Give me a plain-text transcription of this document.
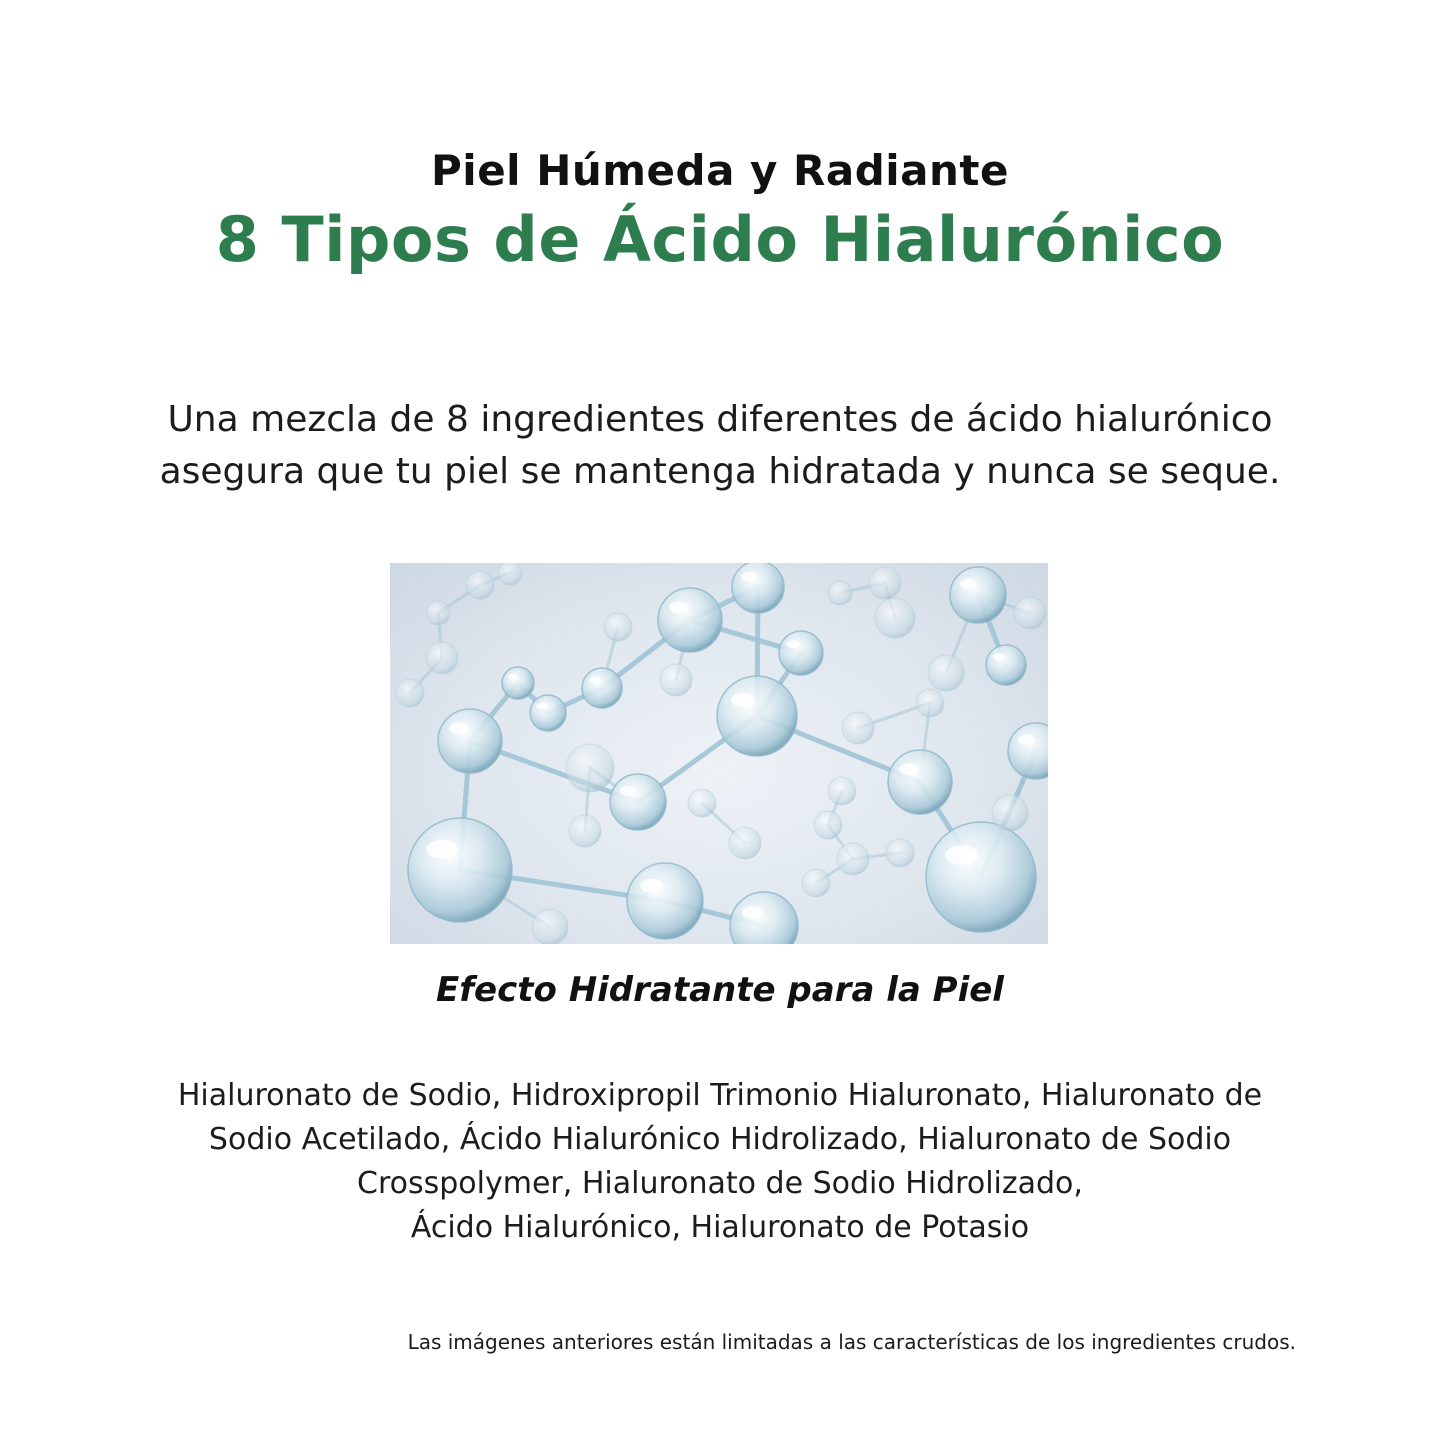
Piel Húmeda y Radiante
8 Tipos de Ácido Hialurónico
Una mezcla de 8 ingredientes diferentes de ácido hialurónico
asegura que tu piel se mantenga hidratada y nunca se seque.
Efecto Hidratante para la Piel
Hialuronato de Sodio, Hidroxipropil Trimonio Hialuronato, Hialuronato de
Sodio Acetilado, Ácido Hialurónico Hidrolizado, Hialuronato de Sodio
Crosspolymer, Hialuronato de Sodio Hidrolizado,
Ácido Hialurónico, Hialuronato de Potasio
Las imágenes anteriores están limitadas a las características de los ingredientes crudos.
